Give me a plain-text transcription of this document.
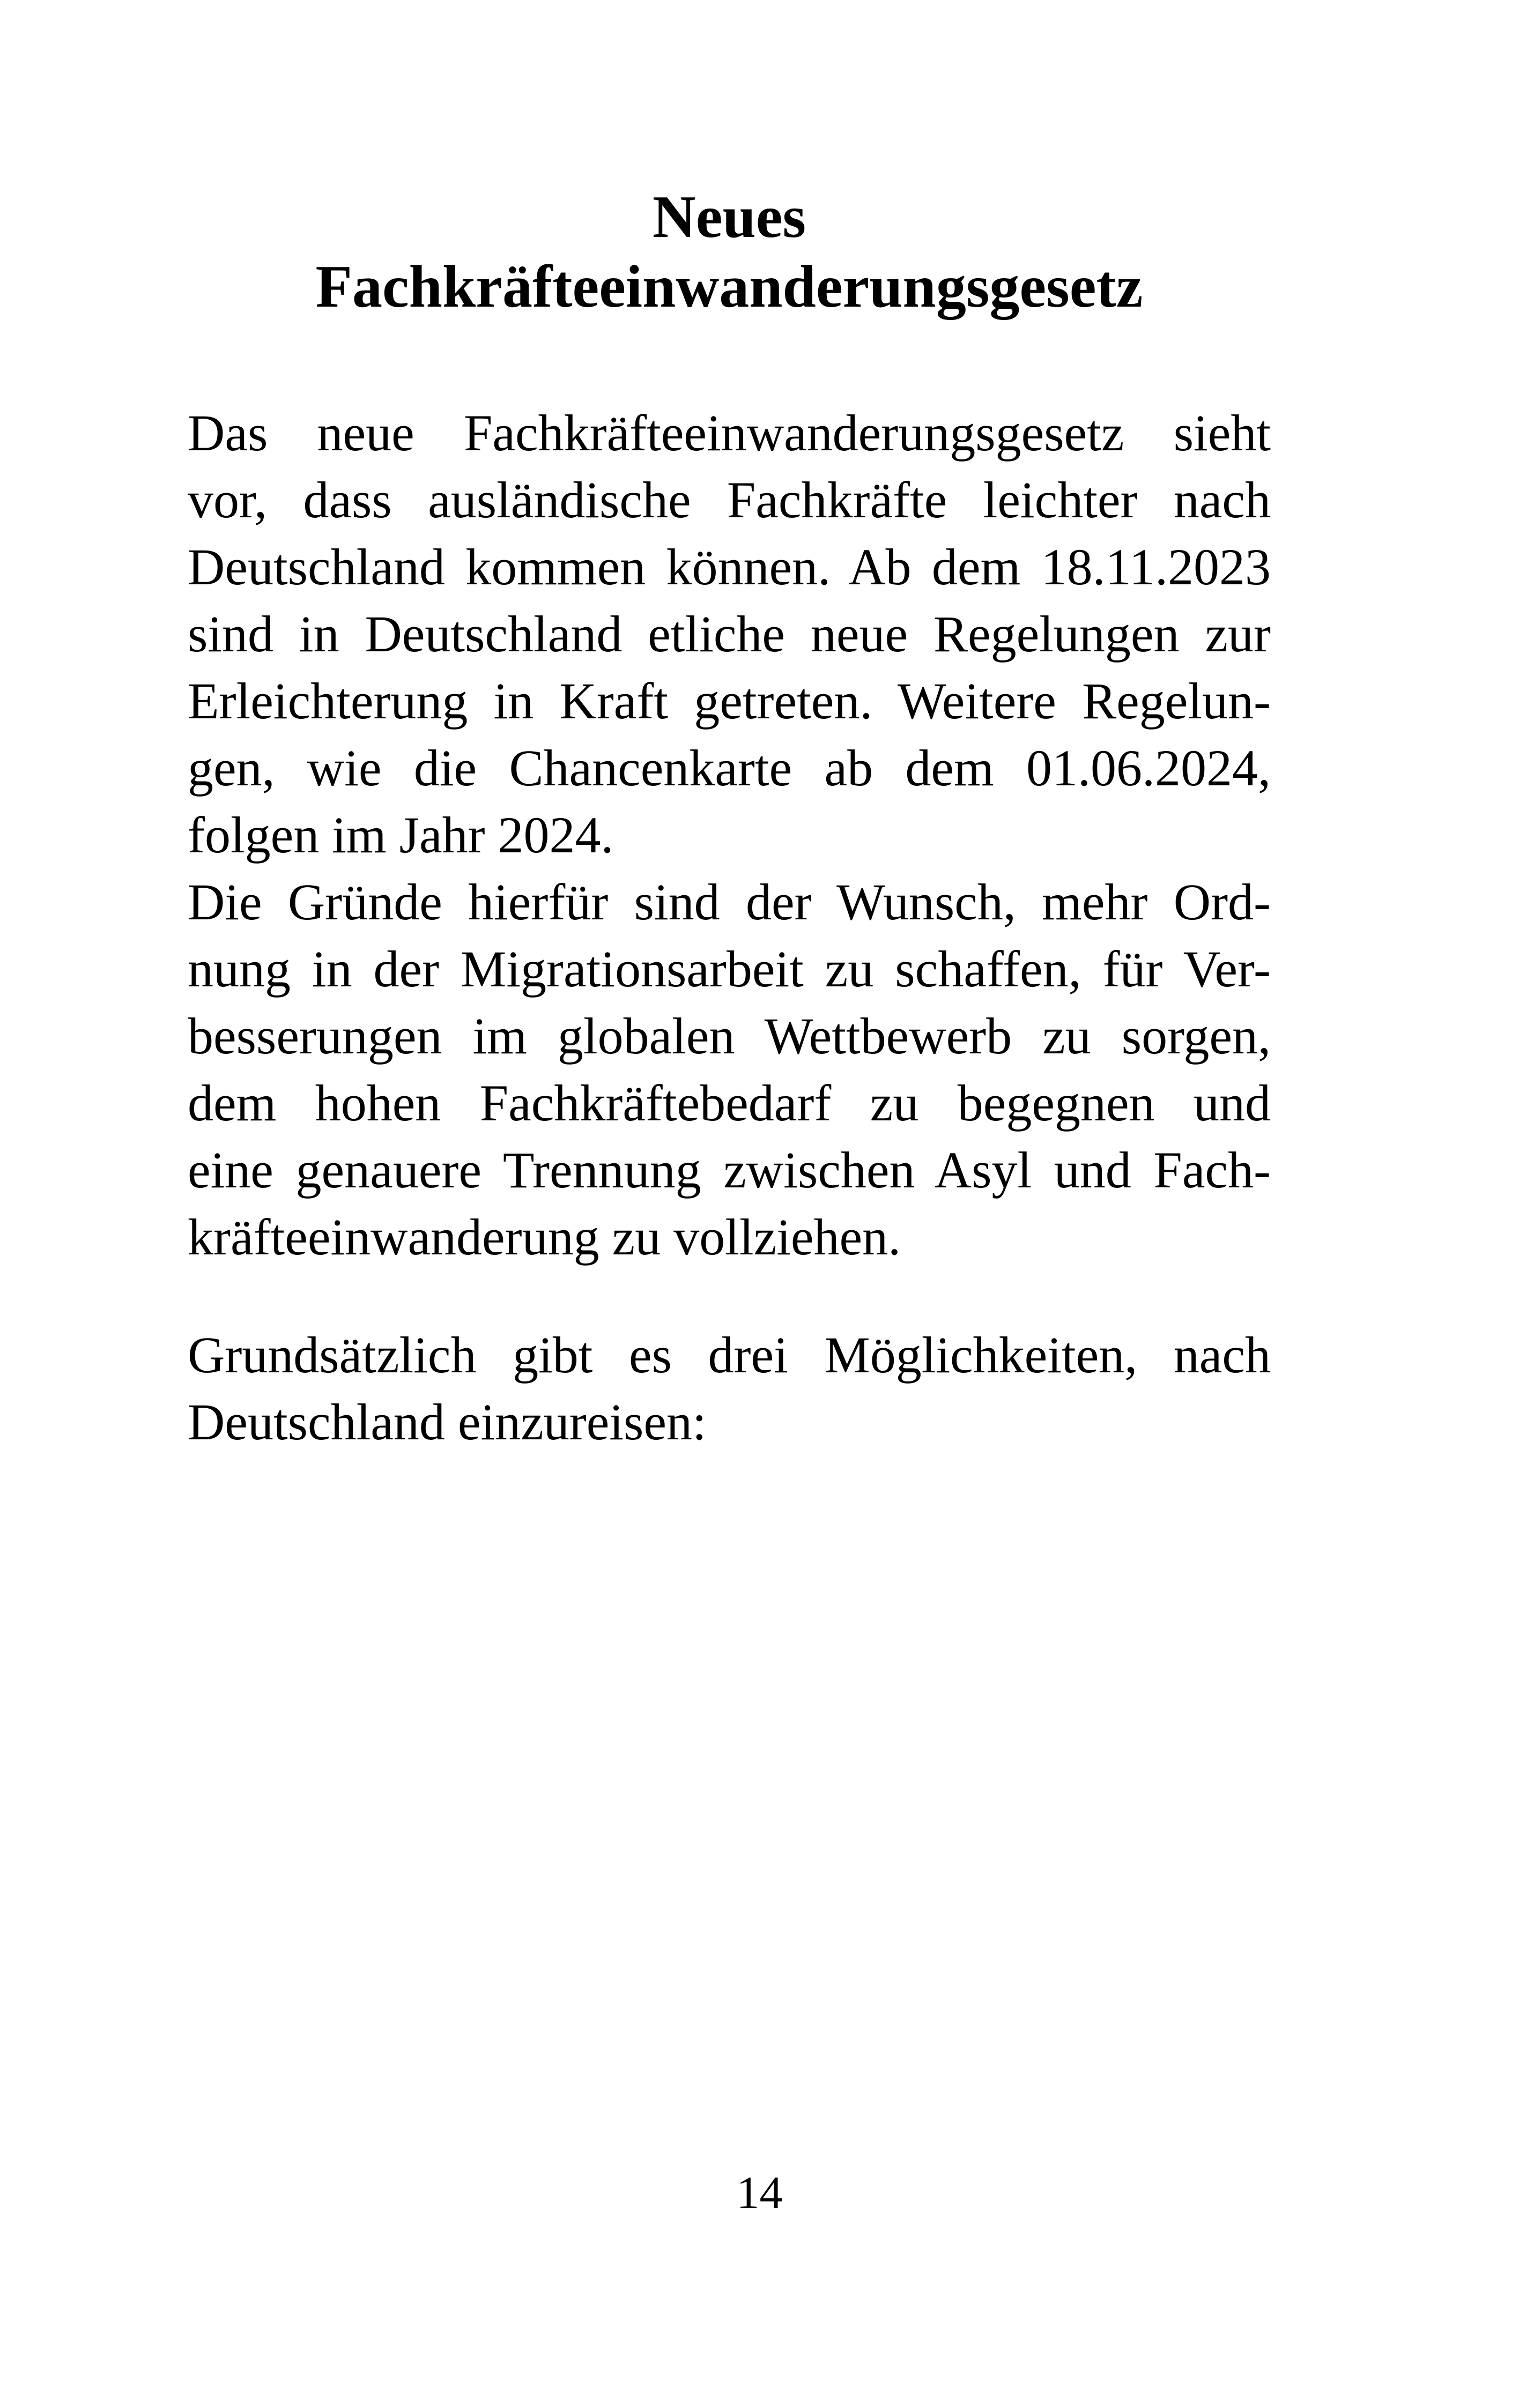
Neues
Fachkräfteeinwanderungsgesetz

Das neue Fachkräfteeinwanderungsgesetz sieht
vor, dass ausländische Fachkräfte leichter nach
Deutschland kommen können. Ab dem 18.11.2023
sind in Deutschland etliche neue Regelungen zur
Erleichterung in Kraft getreten. Weitere Regelun-
gen, wie die Chancenkarte ab dem 01.06.2024,
folgen im Jahr 2024.

Die Gründe hierfür sind der Wunsch, mehr Ord-
nung in der Migrationsarbeit zu schaffen, für Ver-
besserungen im globalen Wettbewerb zu sorgen,
dem hohen Fachkräftebedarf zu begegnen und
eine genauere Trennung zwischen Asyl und Fach-
kräfteeinwanderung zu vollziehen.

Grundsätzlich gibt es drei Möglichkeiten, nach
Deutschland einzureisen:

14
